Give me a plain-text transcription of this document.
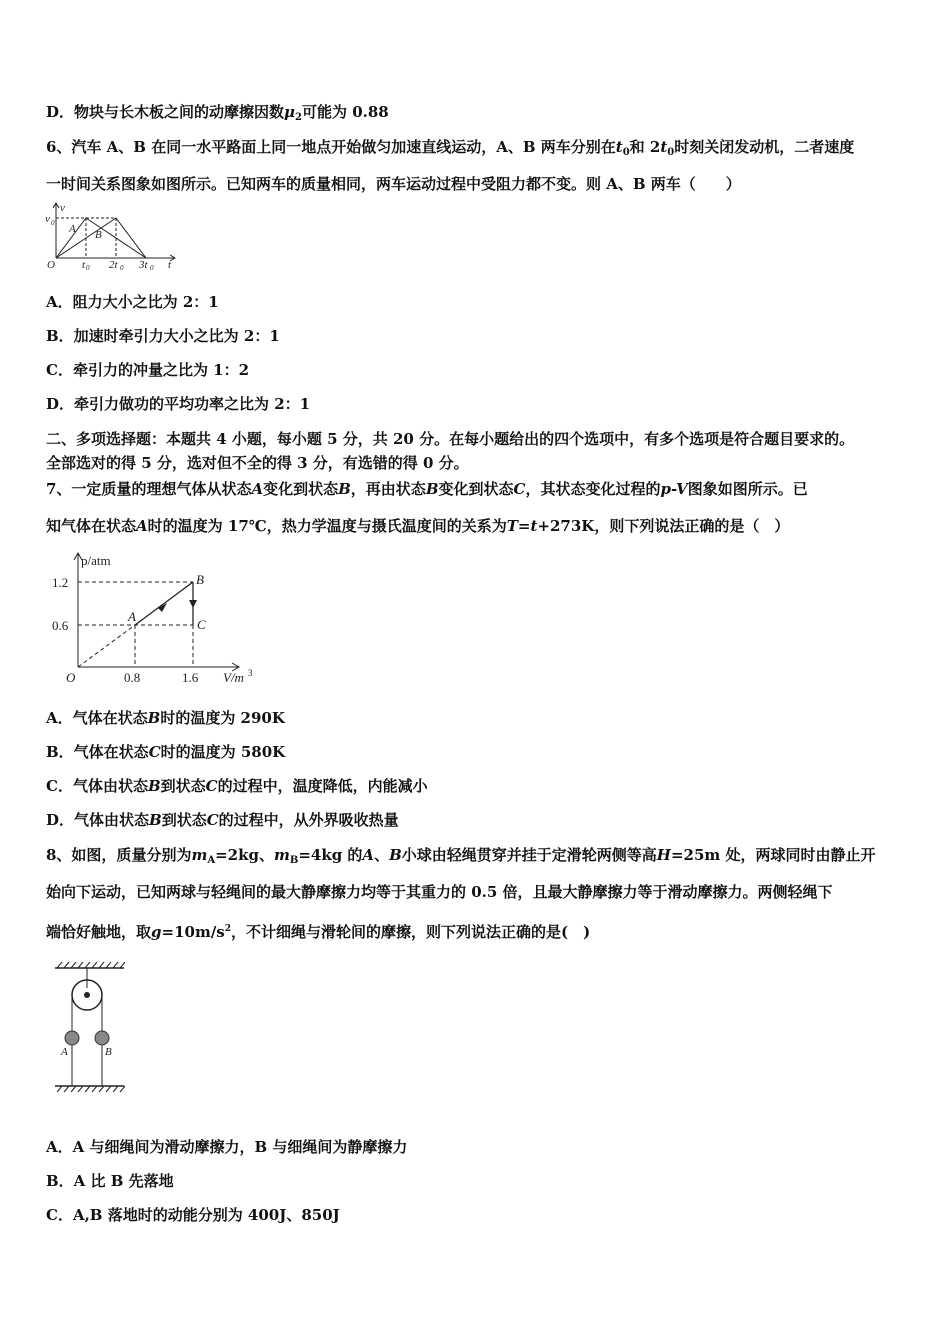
D．物块与长木板之间的动摩擦因数$\mu_2$可能为 0.88
6、汽车 A、B 在同一水平路面上同一地点开始做匀加速直线运动，A、B 两车分别在$t_0$和 $2t_0$时刻关闭发动机，二者速度
一时间关系图象如图所示。已知两车的质量相同，两车运动过程中受阻力都不变。则 A、B 两车（　　）
v
v 0
O
A B
t 0 2t 0 3t 0 t
A．阻力大小之比为 2：1
B．加速时牵引力大小之比为 2：1
C．牵引力的冲量之比为 1：2
D．牵引力做功的平均功率之比为 2：1
二、多项选择题：本题共 4 小题，每小题 5 分，共 20 分。在每小题给出的四个选项中，有多个选项是符合题目要求的。
全部选对的得 5 分，选对但不全的得 3 分，有选错的得 0 分。
7、一定质量的理想气体从状态A变化到状态B，再由状态B变化到状态C，其状态变化过程的p-V图象如图所示。已
知气体在状态A时的温度为 17℃，热力学温度与摄氏温度间的关系为T=t+273K，则下列说法正确的是（　）
p/atm
1.2
0.6
0.8	1.6
O	V/m 3
A
B
C
A．气体在状态B时的温度为 290K
B．气体在状态C时的温度为 580K
C．气体由状态B到状态C的过程中，温度降低，内能减小
D．气体由状态B到状态C的过程中，从外界吸收热量
8、如图，质量分别为$m_A=2kg$、$m_B=4kg$ 的A、B小球由轻绳贯穿并挂于定滑轮两侧等高H=25m 处，两球同时由静止开
始向下运动，已知两球与轻绳间的最大静摩擦力均等于其重力的 0.5 倍，且最大静摩擦力等于滑动摩擦力。两侧轻绳下
端恰好触地，取$g=10m/s^2$，不计细绳与滑轮间的摩擦，则下列说法正确的是(　)
A	B
A．A 与细绳间为滑动摩擦力，B 与细绳间为静摩擦力
B．A 比 B 先落地
C．A,B 落地时的动能分别为 400J、850J
